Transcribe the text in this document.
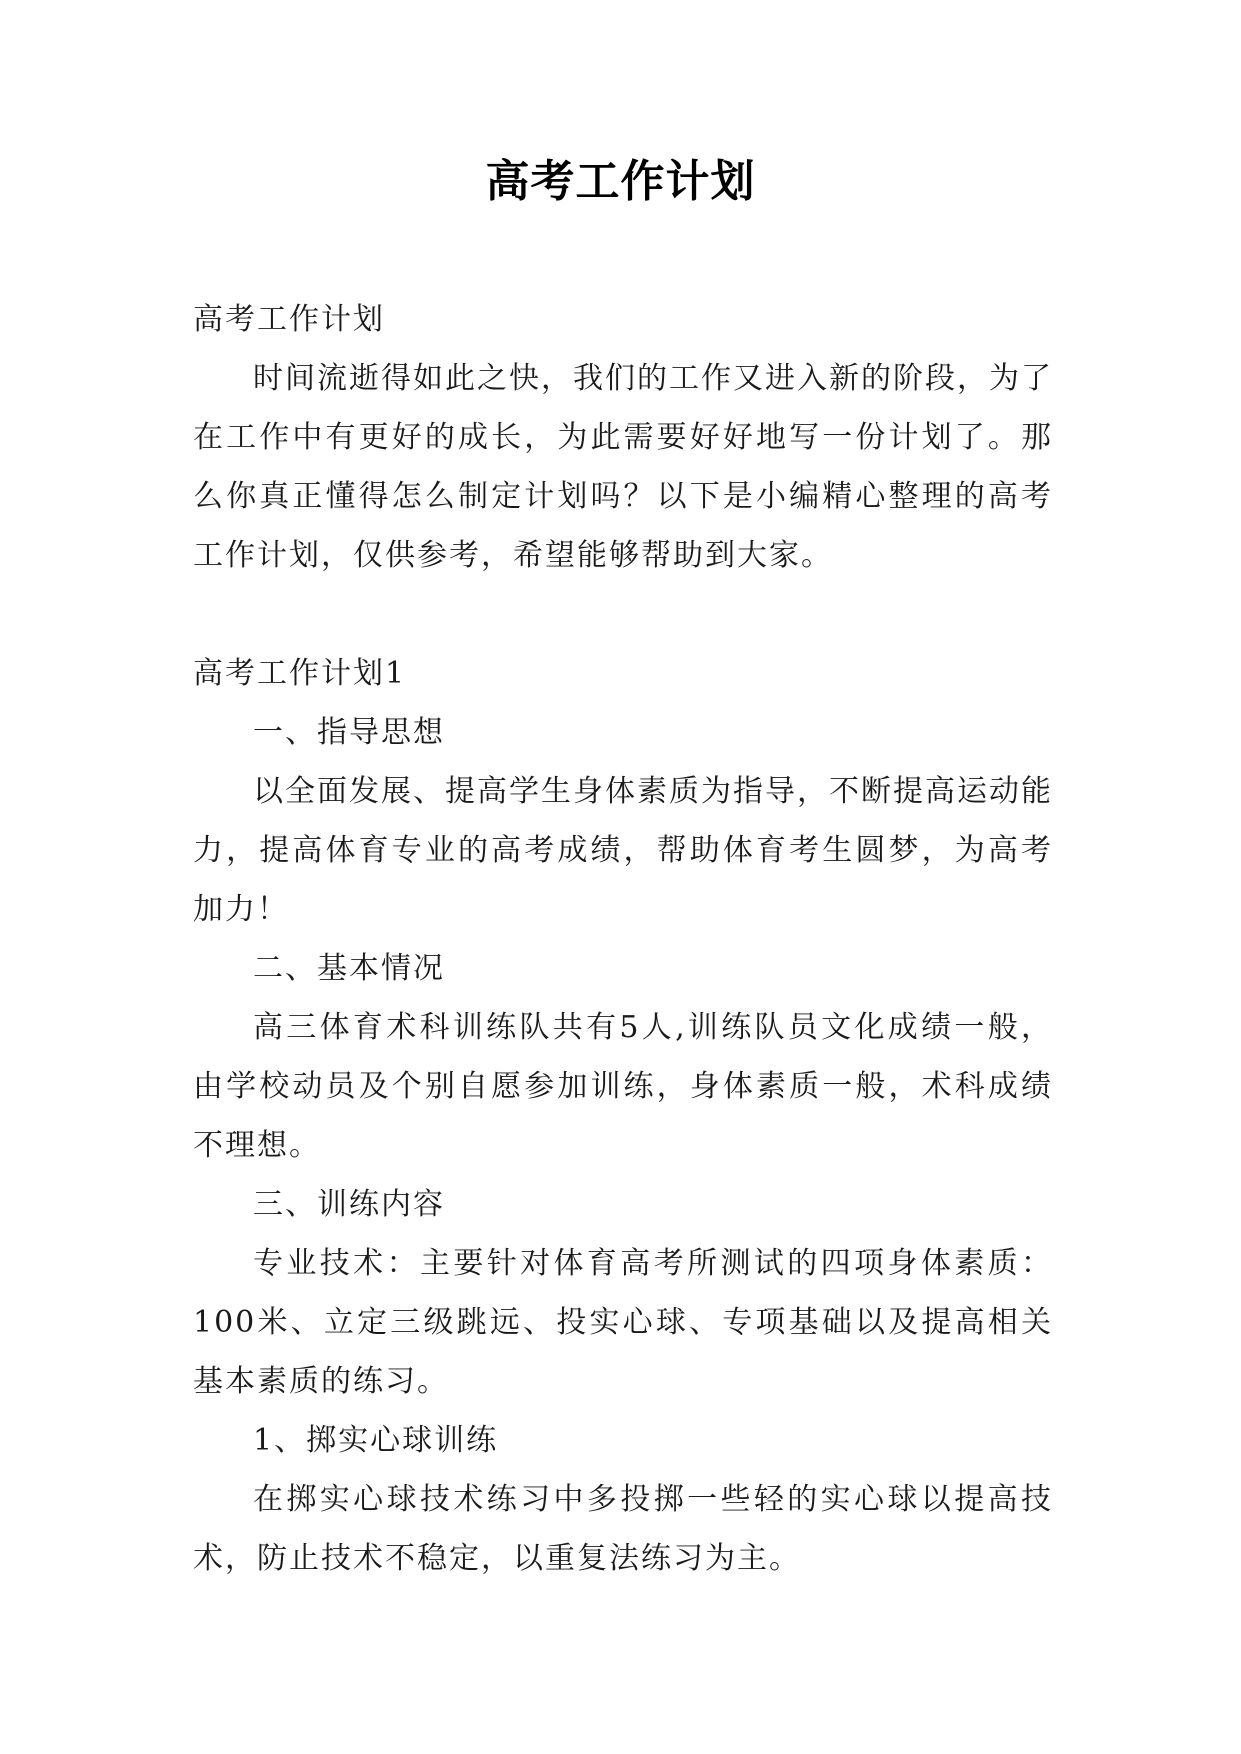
高考工作计划

高考工作计划

时间流逝得如此之快，我们的工作又进入新的阶段，为了在工作中有更好的成长，为此需要好好地写一份计划了。那么你真正懂得怎么制定计划吗？以下是小编精心整理的高考工作计划，仅供参考，希望能够帮助到大家。

高考工作计划1

一、指导思想

以全面发展、提高学生身体素质为指导，不断提高运动能力，提高体育专业的高考成绩，帮助体育考生圆梦，为高考加力！

二、基本情况

高三体育术科训练队共有5人,训练队员文化成绩一般，由学校动员及个别自愿参加训练，身体素质一般，术科成绩不理想。

三、训练内容

专业技术：主要针对体育高考所测试的四项身体素质：100米、立定三级跳远、投实心球、专项基础以及提高相关基本素质的练习。

1、掷实心球训练

在掷实心球技术练习中多投掷一些轻的实心球以提高技术，防止技术不稳定，以重复法练习为主。
